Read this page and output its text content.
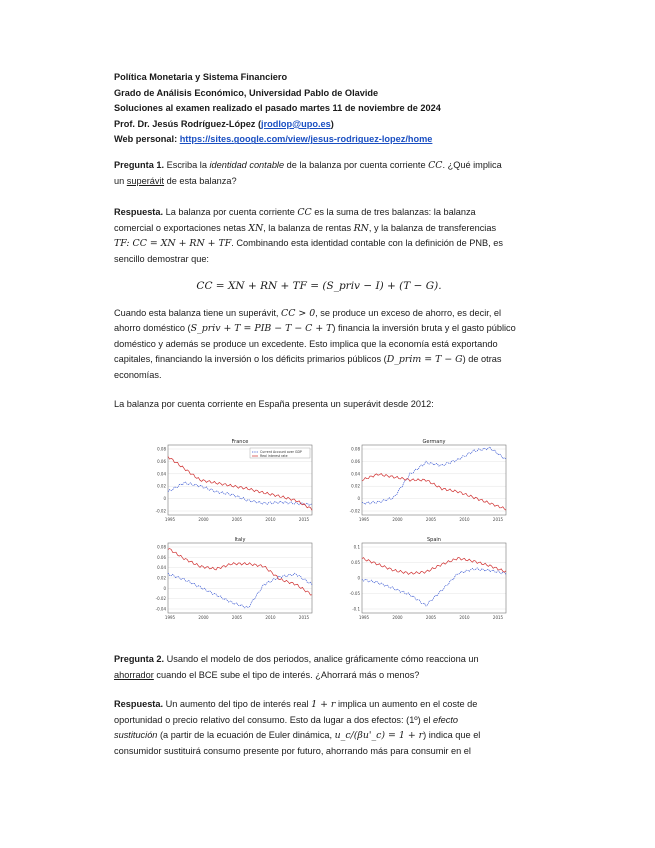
Política Monetaria y Sistema Financiero
Grado de Análisis Económico, Universidad Pablo de Olavide
Soluciones al examen realizado el pasado martes 11 de noviembre de 2024
Prof. Dr. Jesús Rodríguez-López (jrodlop@upo.es)
Web personal: https://sites.google.com/view/jesus-rodriguez-lopez/home
Pregunta 1. Escriba la identidad contable de la balanza por cuenta corriente CC. ¿Qué implica
un superávit de esta balanza?
Respuesta. La balanza por cuenta corriente CC es la suma de tres balanzas: la balanza
comercial o exportaciones netas XN, la balanza de rentas RN, y la balanza de transferencias
TF: CC = XN + RN + TF. Combinando esta identidad contable con la definición de PNB, es
sencillo demostrar que:
CC = XN + RN + TF = (S_priv − I) + (T − G).
Cuando esta balanza tiene un superávit, CC > 0, se produce un exceso de ahorro, es decir, el
ahorro doméstico (S_priv + T = PIB − T − C + T) financia la inversión bruta y el gasto público
doméstico y además se produce un excedente. Esto implica que la economía está exportando
capitales, financiando la inversión o los déficits primarios públicos (D_prim = T − G) de otras
economías.
La balanza por cuenta corriente en España presenta un superávit desde 2012:
France
0.08
0.06
0.04
0.02
0
-0.02
1995	2000	2005	2010	2015
Current Account over GDP
Real interest rate
Germany
0.08
0.06
0.04
0.02
0
-0.02
1995	2000	2005	2010	2015
Italy
0.08
0.06
0.04
0.02
0
-0.02
-0.04
1995	2000	2005	2010	2015
Spain
0.1
0.05
0
-0.05
-0.1
1995	2000	2005	2010	2015
Pregunta 2. Usando el modelo de dos periodos, analice gráficamente cómo reacciona un
ahorrador cuando el BCE sube el tipo de interés. ¿Ahorrará más o menos?
Respuesta. Un aumento del tipo de interés real 1 + r implica un aumento en el coste de
oportunidad o precio relativo del consumo. Esto da lugar a dos efectos: (1º) el efecto
sustitución (a partir de la ecuación de Euler dinámica, u_c/(βu'_c) = 1 + r) indica que el
consumidor sustituirá consumo presente por futuro, ahorrando más para consumir en el
